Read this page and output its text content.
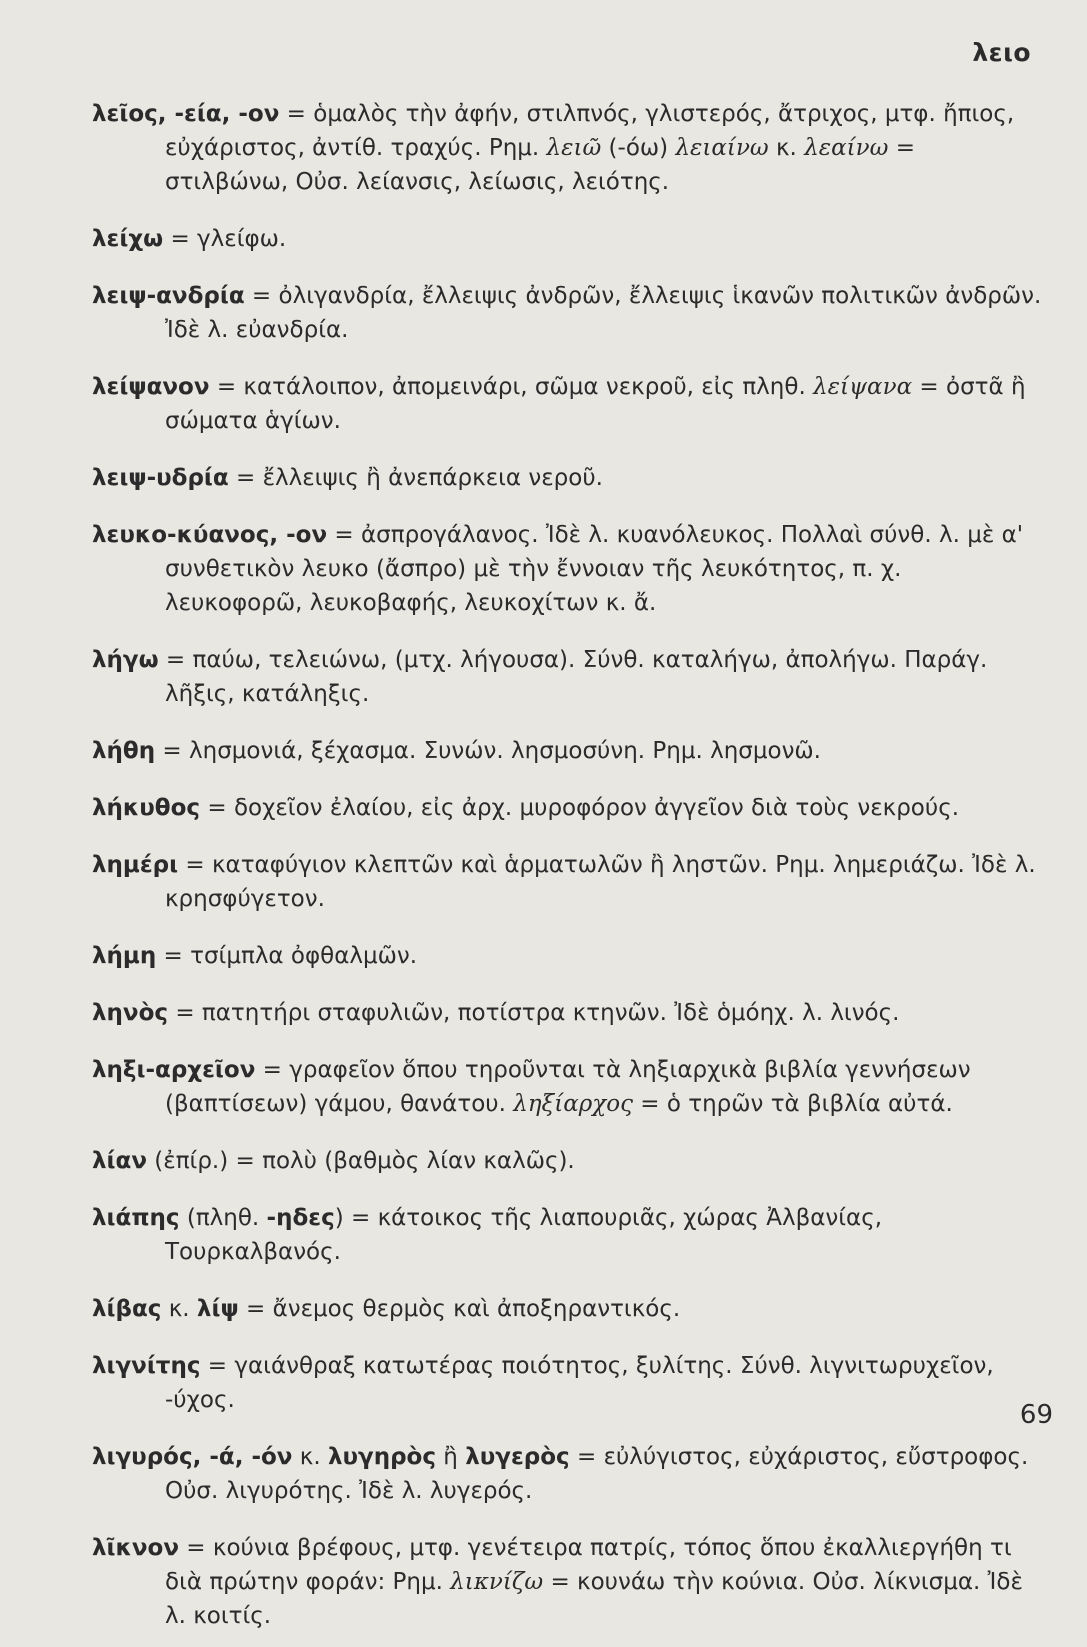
λειο

λεῖος, -εία, -ον = ὁμαλὸς τὴν ἀφήν, στιλπνός, γλιστερός, ἄτριχος, μτφ. ἤπιος, εὐχάριστος, ἀντίθ. τραχύς. Ρημ. λειῶ (-όω) λειαίνω κ. λεαίνω = στιλβώνω, Οὐσ. λείανσις, λείωσις, λειότης.

λείχω = γλείφω.

λειψ-ανδρία = ὀλιγανδρία, ἔλλειψις ἀνδρῶν, ἔλλειψις ἱκανῶν πολιτικῶν ἀνδρῶν. Ἰδὲ λ. εὐανδρία.

λείψανον = κατάλοιπον, ἀπομεινάρι, σῶμα νεκροῦ, εἰς πληθ. λείψανα = ὀστᾶ ἢ σώματα ἁγίων.

λειψ-υδρία = ἔλλειψις ἢ ἀνεπάρκεια νεροῦ.

λευκο-κύανος, -ον = ἀσπρογάλανος. Ἰδὲ λ. κυανόλευκος. Πολλαὶ σύνθ. λ. μὲ α' συνθετικὸν λευκο (ἄσπρο) μὲ τὴν ἔννοιαν τῆς λευκότητος, π. χ. λευκοφορῶ, λευκοβαφής, λευκοχίτων κ. ἄ.

λήγω = παύω, τελειώνω, (μτχ. λήγουσα). Σύνθ. καταλήγω, ἀπολήγω. Παράγ. λῆξις, κατάληξις.

λήθη = λησμονιά, ξέχασμα. Συνών. λησμοσύνη. Ρημ. λησμονῶ.

λήκυθος = δοχεῖον ἐλαίου, εἰς ἀρχ. μυροφόρον ἀγγεῖον διὰ τοὺς νεκρούς.

λημέρι = καταφύγιον κλεπτῶν καὶ ἁρματωλῶν ἢ ληστῶν. Ρημ. λημεριάζω. Ἰδὲ λ. κρησφύγετον.

λήμη = τσίμπλα ὀφθαλμῶν.

ληνὸς = πατητήρι σταφυλιῶν, ποτίστρα κτηνῶν. Ἰδὲ ὁμόηχ. λ. λινός.

ληξι-αρχεῖον = γραφεῖον ὅπου τηροῦνται τὰ ληξιαρχικὰ βιβλία γεννήσεων (βαπτίσεων) γάμου, θανάτου. ληξίαρχος = ὁ τηρῶν τὰ βιβλία αὐτά.

λίαν (ἐπίρ.) = πολὺ (βαθμὸς λίαν καλῶς).

λιάπης (πληθ. -ηδες) = κάτοικος τῆς λιαπουριᾶς, χώρας Ἀλβανίας, Τουρκαλβανός.

λίβας κ. λίψ = ἄνεμος θερμὸς καὶ ἀποξηραντικός.

λιγνίτης = γαιάνθραξ κατωτέρας ποιότητος, ξυλίτης. Σύνθ. λιγνιτωρυχεῖον, -ύχος.

λιγυρός, -ά, -όν κ. λυγηρὸς ἢ λυγερὸς = εὐλύγιστος, εὐχάριστος, εὔστροφος. Οὐσ. λιγυρότης. Ἰδὲ λ. λυγερός.

λῖκνον = κούνια βρέφους, μτφ. γενέτειρα πατρίς, τόπος ὅπου ἐκαλλιεργήθη τι διὰ πρώτην φοράν: Ρημ. λικνίζω = κουνάω τὴν κούνια. Οὐσ. λίκνισμα. Ἰδὲ λ. κοιτίς.

69
